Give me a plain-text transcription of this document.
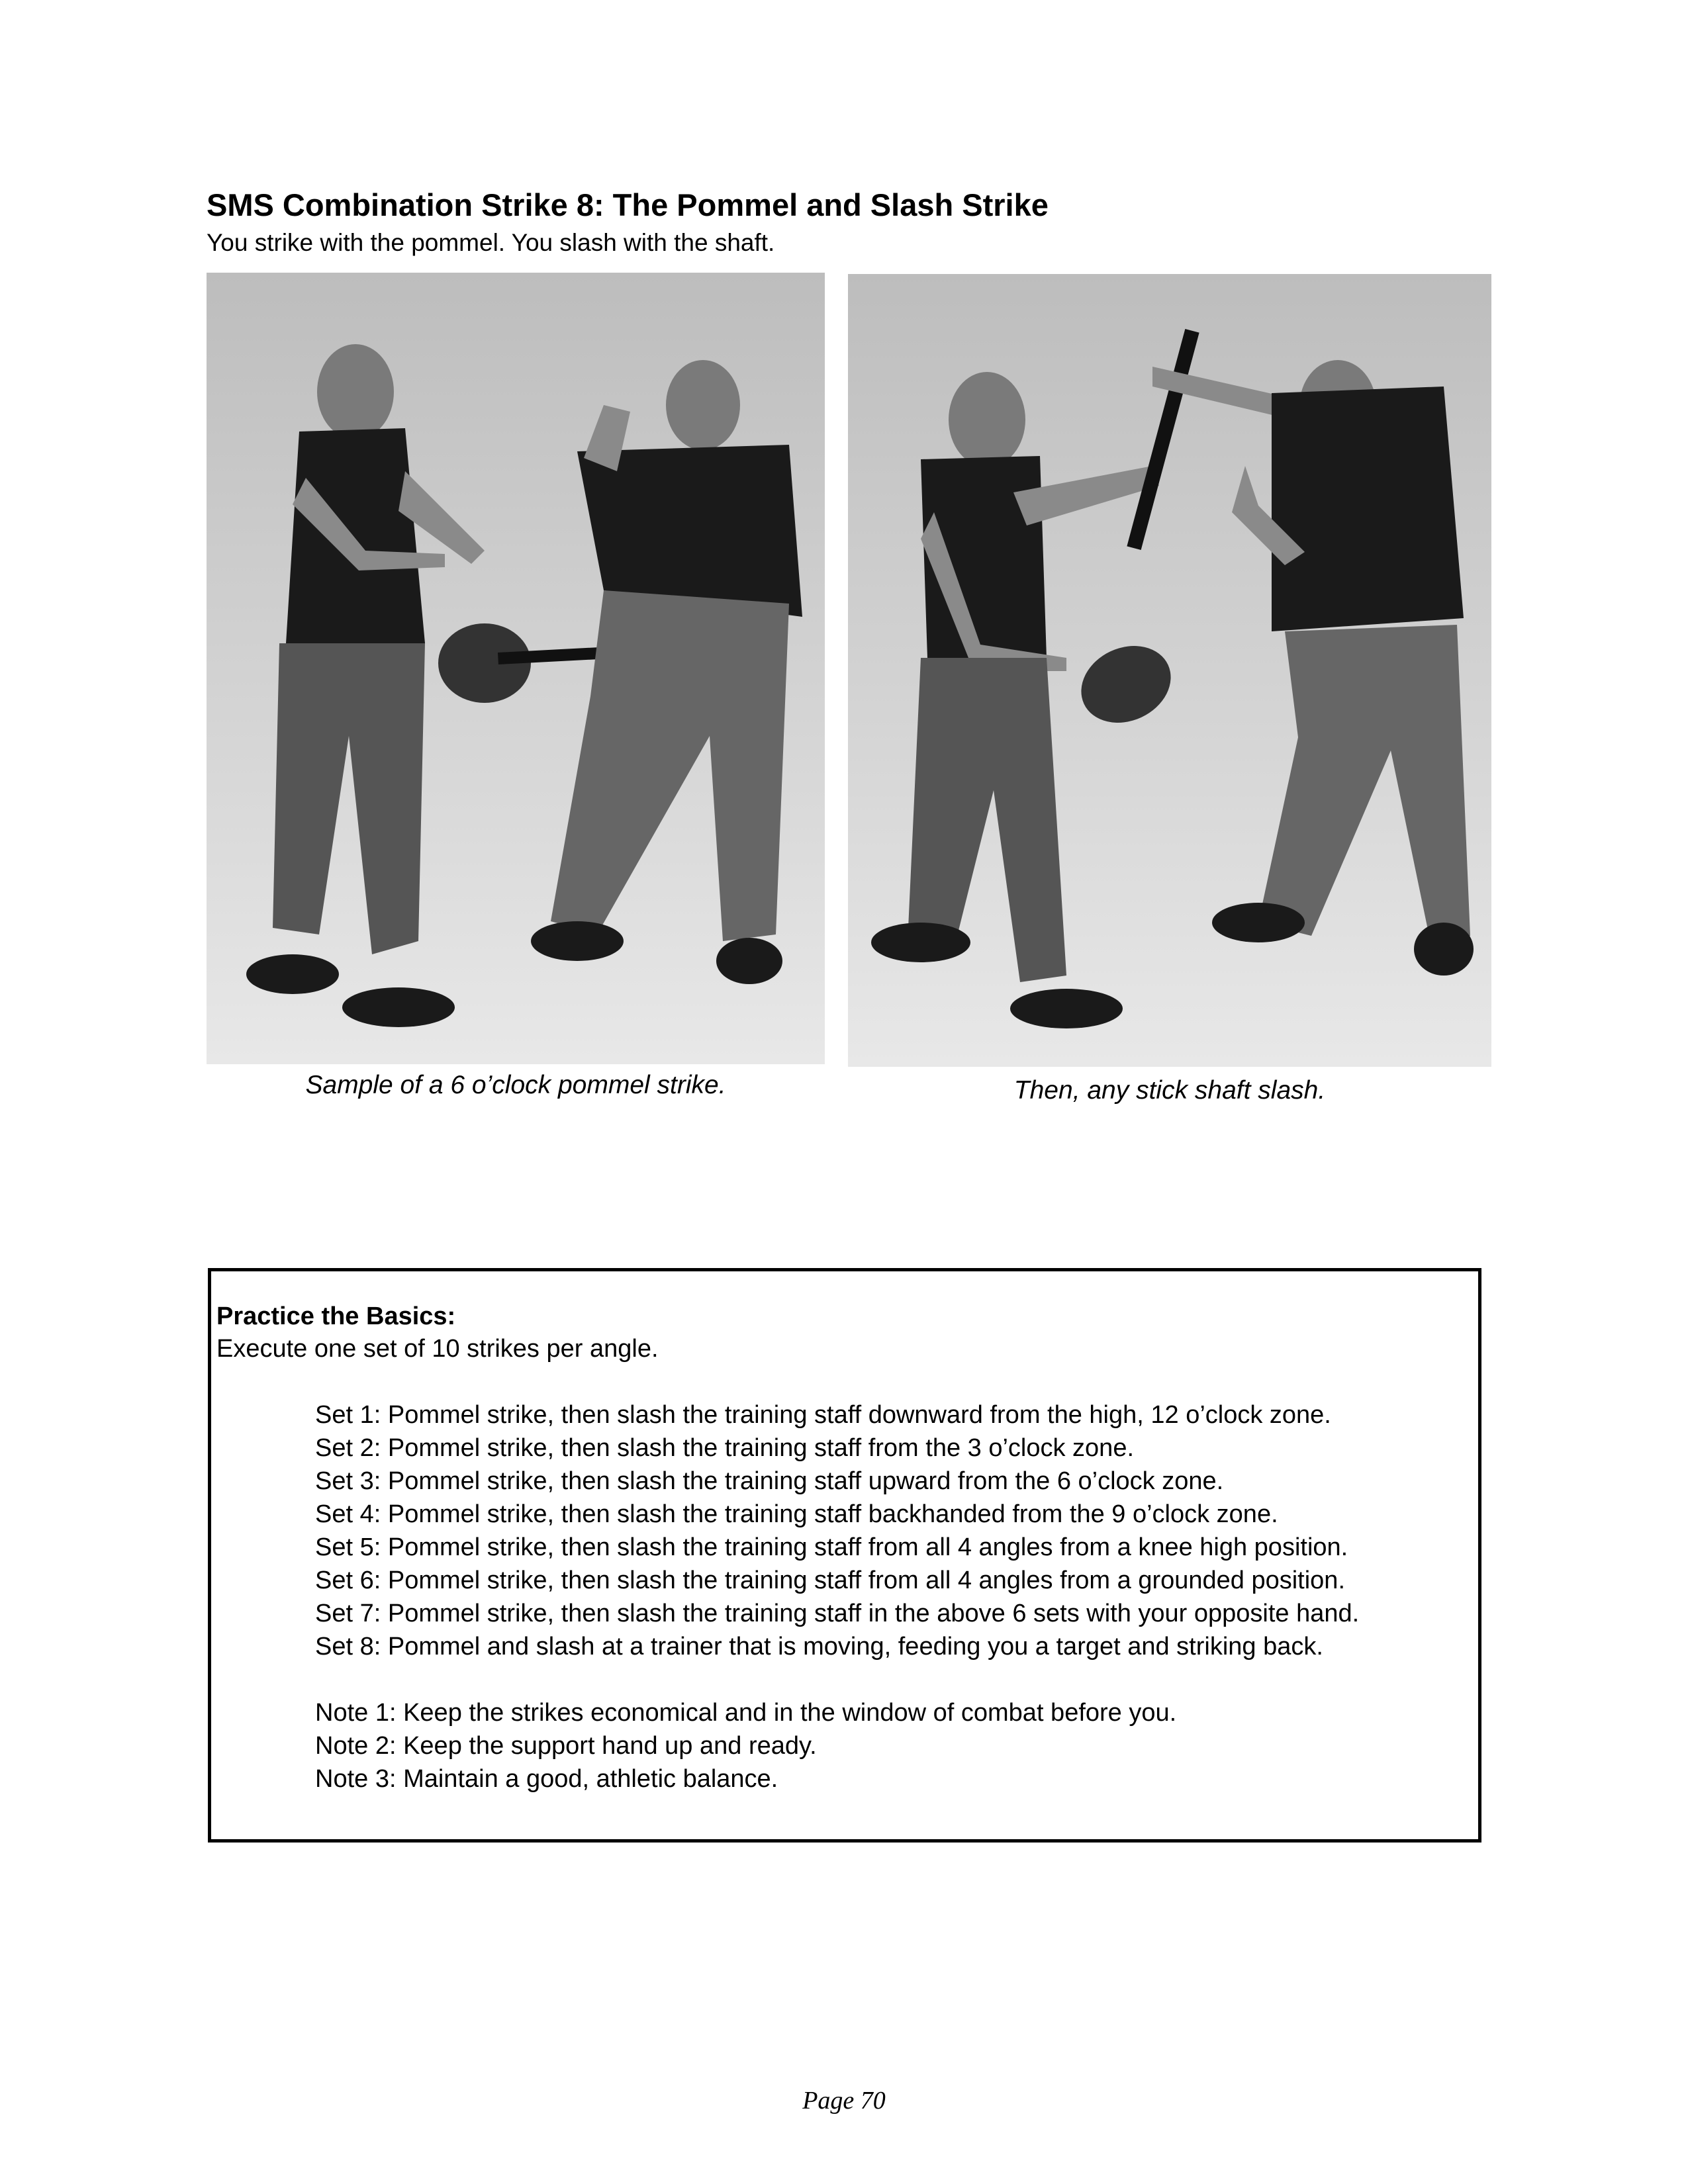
SMS Combination Strike 8: The Pommel and Slash Strike
You strike with the pommel. You slash with the shaft.
Sample of a 6 o’clock pommel strike.	Then, any stick shaft slash.
Practice the Basics:
Execute one set of 10 strikes per angle.
Set 1: Pommel strike, then slash the training staff downward from the high, 12 o’clock zone.
Set 2: Pommel strike, then slash the training staff from the 3 o’clock zone.
Set 3: Pommel strike, then slash the training staff upward from the 6 o’clock zone.
Set 4: Pommel strike, then slash the training staff backhanded from the 9 o’clock zone.
Set 5: Pommel strike, then slash the training staff from all 4 angles from a knee high position.
Set 6: Pommel strike, then slash the training staff from all 4 angles from a grounded position.
Set 7: Pommel strike, then slash the training staff in the above 6 sets with your opposite hand.
Set 8: Pommel and slash at a trainer that is moving, feeding you a target and striking back.
Note 1: Keep the strikes economical and in the window of combat before you.
Note 2: Keep the support hand up and ready.
Note 3: Maintain a good, athletic balance.
Page 70
